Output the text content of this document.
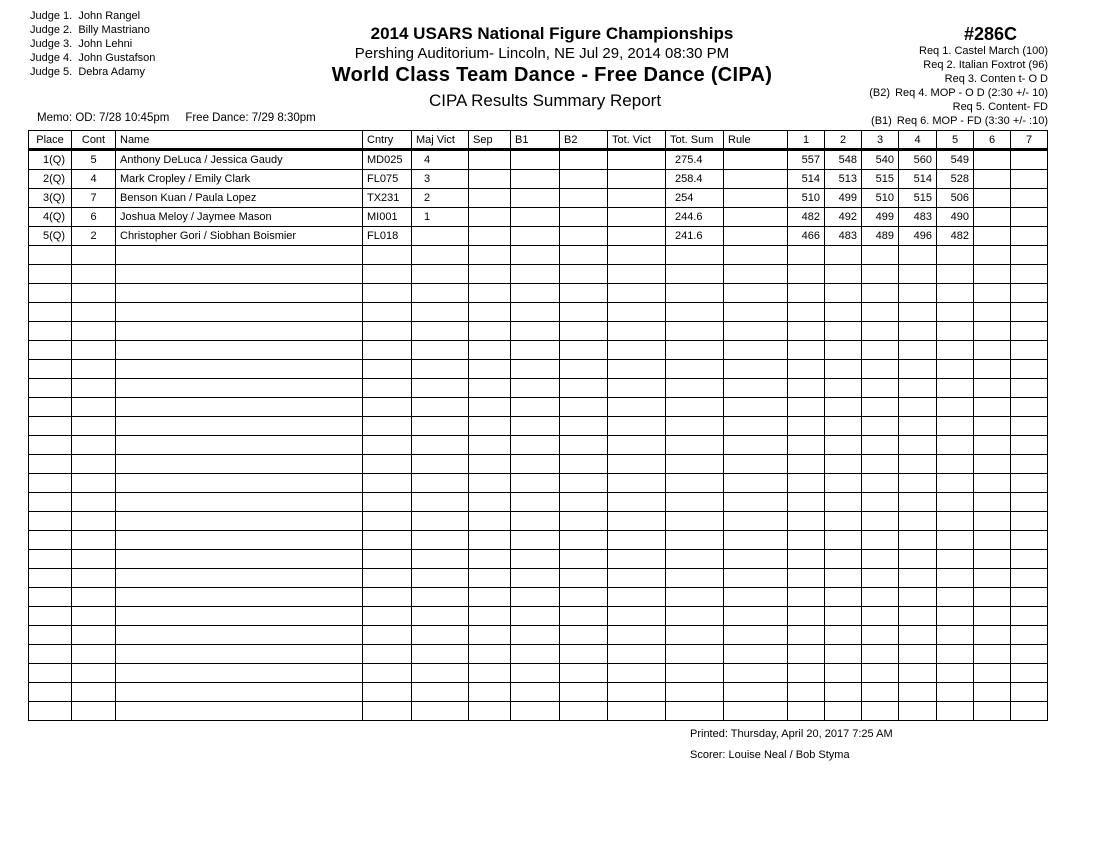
Judge 1. John Rangel
Judge 2. Billy Mastriano
Judge 3. John Lehni
Judge 4. John Gustafson
Judge 5. Debra Adamy
2014 USARS National Figure Championships
Pershing Auditorium- Lincoln, NE Jul 29, 2014 08:30 PM
World Class Team Dance - Free Dance (CIPA)
CIPA Results Summary Report
#286C
Req 1. Castel March (100)
Req 2. Italian Foxtrot (96)
Req 3. Conten t- O D
(B2) Req 4. MOP - O D (2:30 +/- 10)
Req 5. Content- FD
(B1) Req 6. MOP - FD (3:30 +/- :10)
Memo: OD: 7/28 10:45pm Free Dance: 7/29 8:30pm
Place	Cont	Name	Cntry	Maj Vict	Sep	B1	B2	Tot. Vict	Tot. Sum	Rule	1	2	3	4	5	6	7
1(Q)	5	Anthony DeLuca / Jessica Gaudy	MD025	4					275.4		557	548	540	560	549		
2(Q)	4	Mark Cropley / Emily Clark	FL075	3					258.4		514	513	515	514	528		
3(Q)	7	Benson Kuan / Paula Lopez	TX231	2					254		510	499	510	515	506		
4(Q)	6	Joshua Meloy / Jaymee Mason	MI001	1					244.6		482	492	499	483	490		
5(Q)	2	Christopher Gori / Siobhan Boismier	FL018						241.6		466	483	489	496	482		

Printed: Thursday, April 20, 2017 7:25 AM
Scorer: Louise Neal / Bob Styma
